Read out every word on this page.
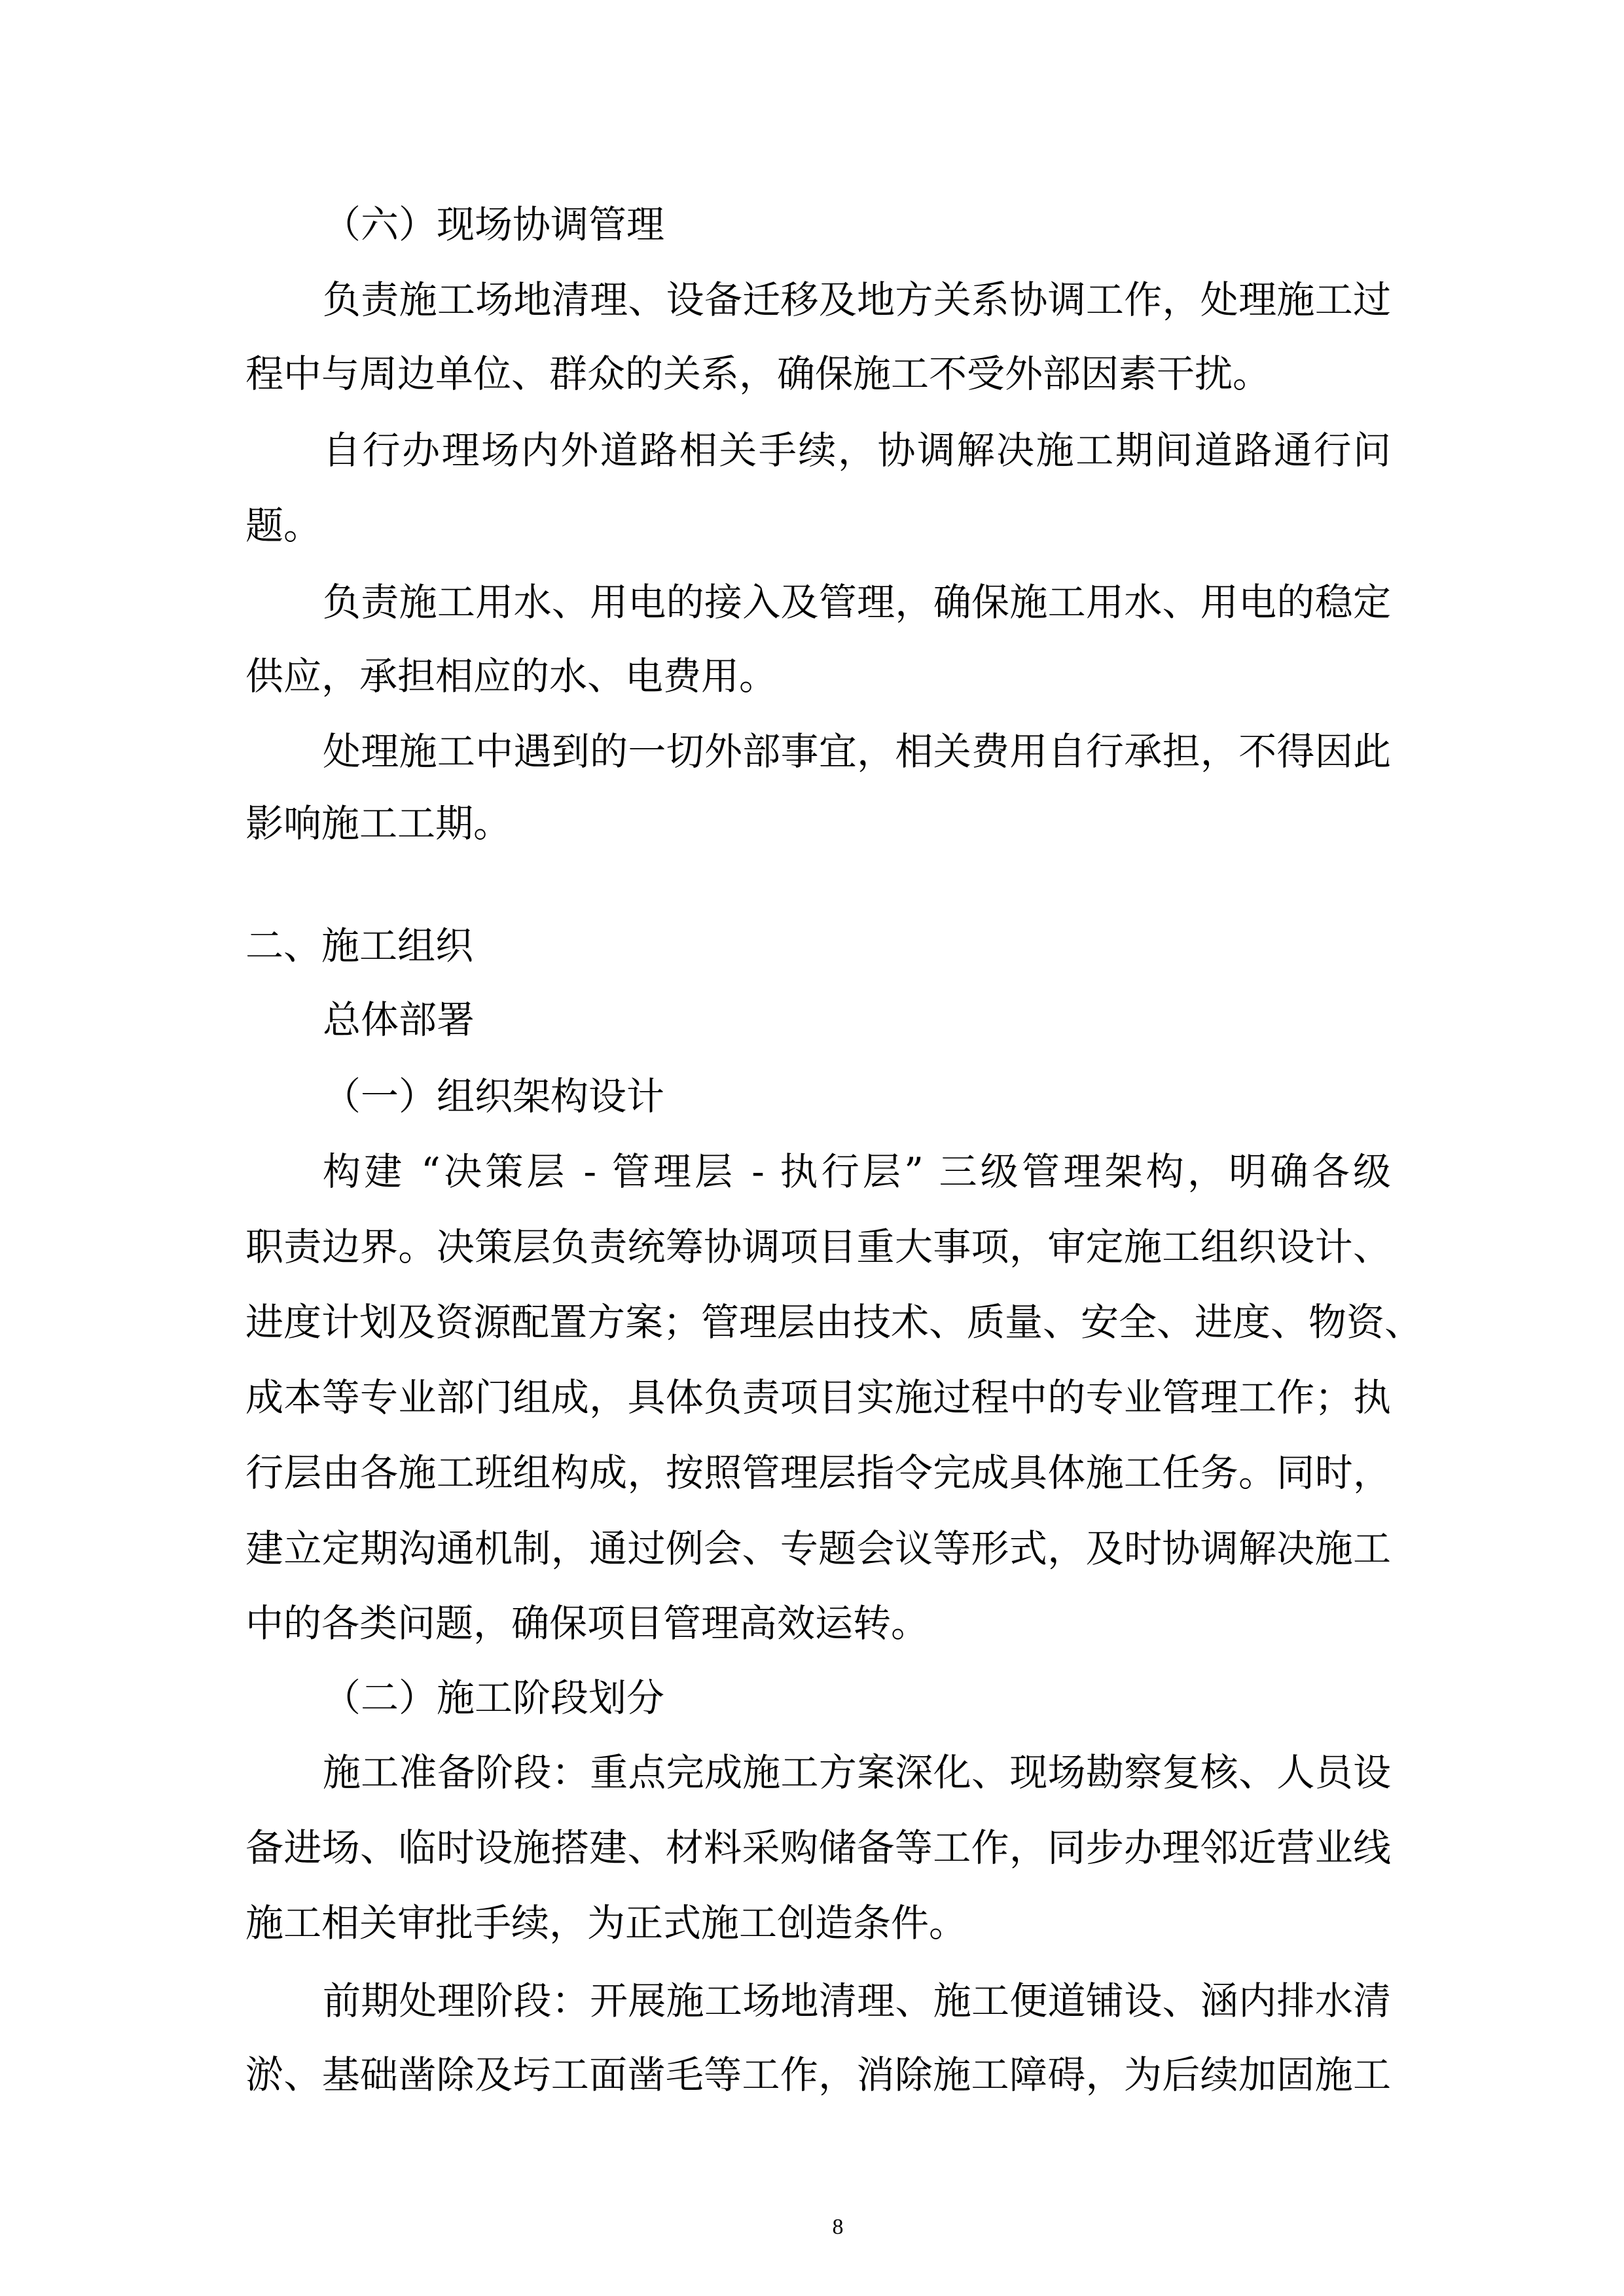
（六）现场协调管理
负责施工场地清理、设备迁移及地方关系协调工作，处理施工过
程中与周边单位、群众的关系，确保施工不受外部因素干扰。
自行办理场内外道路相关手续，协调解决施工期间道路通行问
题。
负责施工用水、用电的接入及管理，确保施工用水、用电的稳定
供应，承担相应的水、电费用。
处理施工中遇到的一切外部事宜，相关费用自行承担，不得因此
影响施工工期。
二、施工组织
总体部署
（一）组织架构设计
构建 “决策层 - 管理层 - 执行层” 三级管理架构，明确各级
职责边界。决策层负责统筹协调项目重大事项，审定施工组织设计、
进度计划及资源配置方案；管理层由技术、质量、安全、进度、物资、
成本等专业部门组成，具体负责项目实施过程中的专业管理工作；执
行层由各施工班组构成，按照管理层指令完成具体施工任务。同时，
建立定期沟通机制，通过例会、专题会议等形式，及时协调解决施工
中的各类问题，确保项目管理高效运转。
（二）施工阶段划分
施工准备阶段：重点完成施工方案深化、现场勘察复核、人员设
备进场、临时设施搭建、材料采购储备等工作，同步办理邻近营业线
施工相关审批手续，为正式施工创造条件。
前期处理阶段：开展施工场地清理、施工便道铺设、涵内排水清
淤、基础凿除及圬工面凿毛等工作，消除施工障碍，为后续加固施工
8
